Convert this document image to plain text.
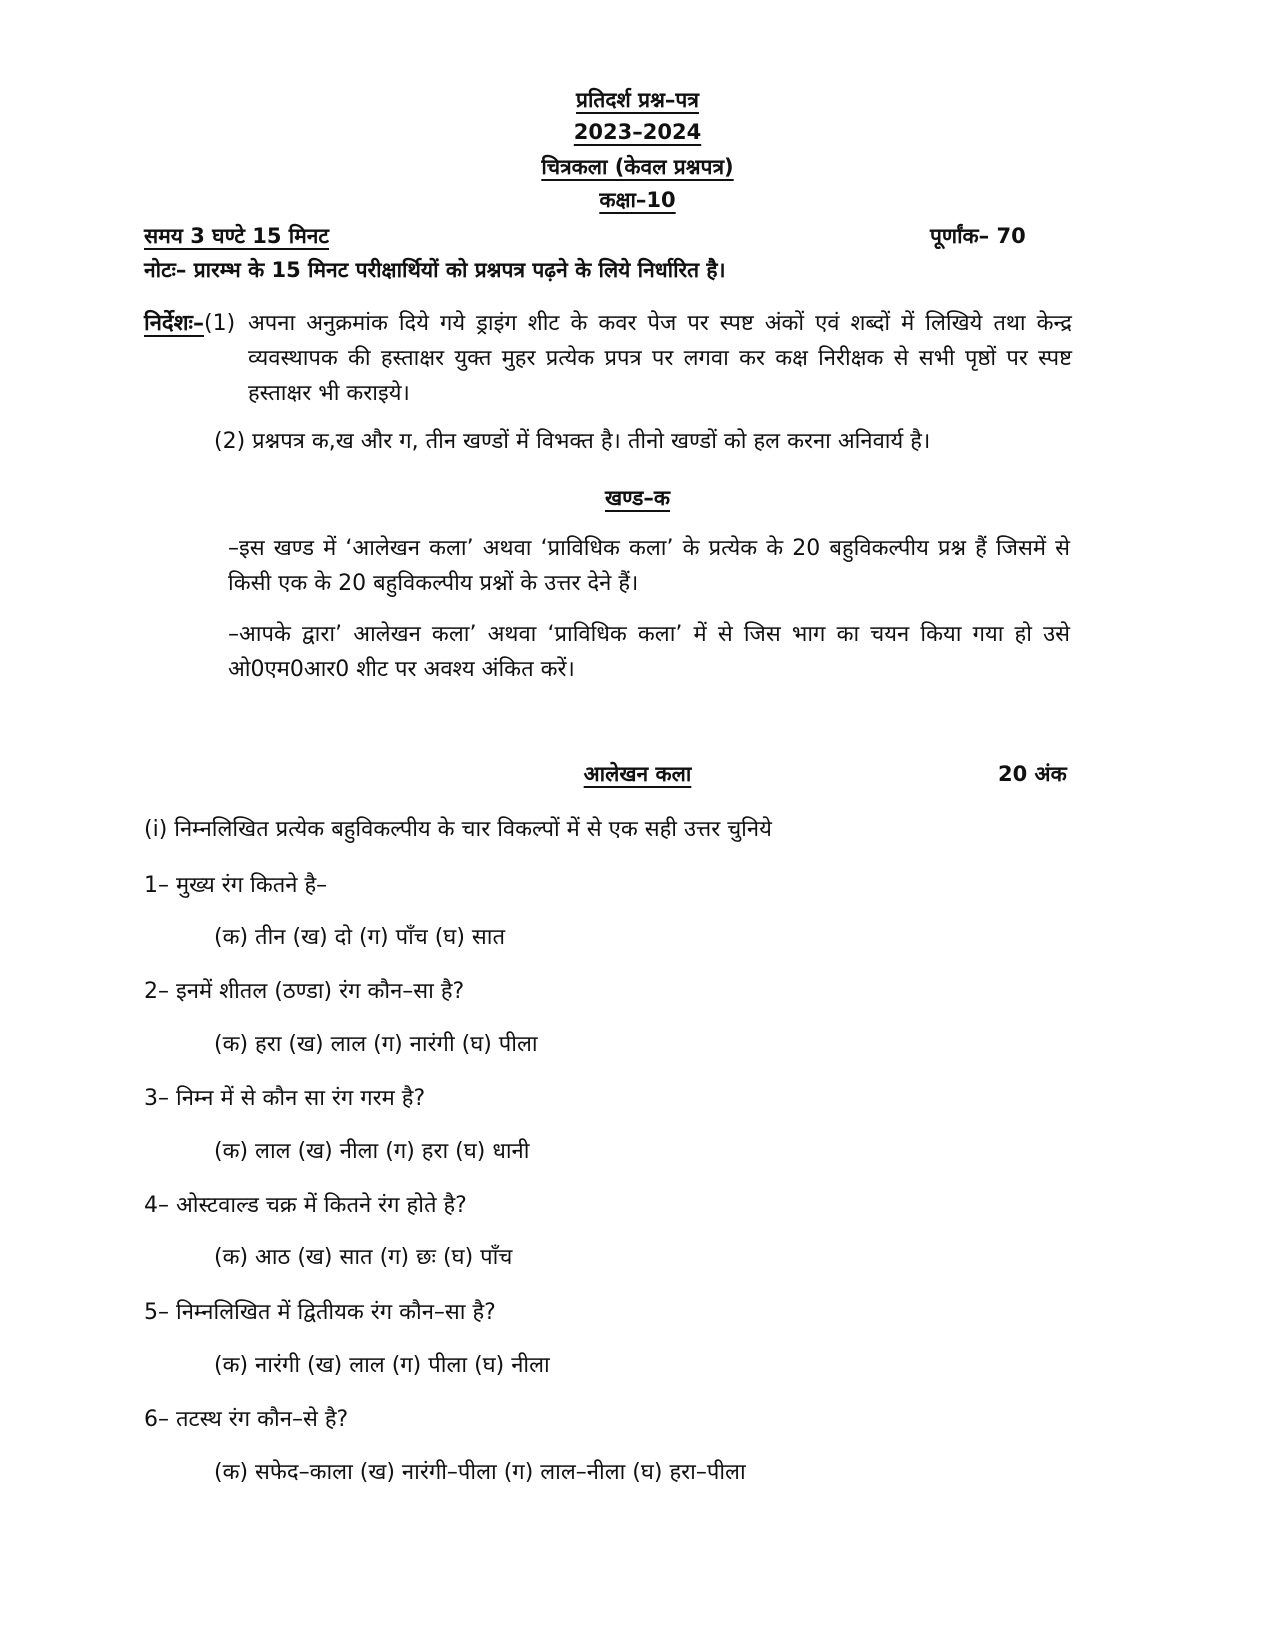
प्रतिदर्श प्रश्न–पत्र
2023–2024
चित्रकला (केवल प्रश्नपत्र)
कक्षा–10
समय 3 घण्टे 15 मिनट	पूर्णांक– 70
नोटः– प्रारम्भ के 15 मिनट परीक्षार्थियों को प्रश्नपत्र पढ़ने के लिये निर्धारित है।
निर्देशः–(1) अपना अनुक्रमांक दिये गये ड्राइंग शीट के कवर पेज पर स्पष्ट अंकों एवं शब्दों में लिखिये तथा केन्द्र व्यवस्थापक की हस्ताक्षर युक्त मुहर प्रत्येक प्रपत्र पर लगवा कर कक्ष निरीक्षक से सभी पृष्ठों पर स्पष्ट हस्ताक्षर भी कराइये।
(2) प्रश्नपत्र क,ख और ग, तीन खण्डों में विभक्त है। तीनो खण्डों को हल करना अनिवार्य है।
खण्ड–क
–इस खण्ड में ‘आलेखन कला’ अथवा ‘प्राविधिक कला’ के प्रत्येक के 20 बहुविकल्पीय प्रश्न हैं जिसमें से किसी एक के 20 बहुविकल्पीय प्रश्नों के उत्तर देने हैं।
–आपके द्वारा’ आलेखन कला’ अथवा ‘प्राविधिक कला’ में से जिस भाग का चयन किया गया हो उसे ओ0एम0आर0 शीट पर अवश्य अंकित करें।
आलेखन कला	20 अंक
(i) निम्नलिखित प्रत्येक बहुविकल्पीय के चार विकल्पों में से एक सही उत्तर चुनिये
1– मुख्य रंग कितने है–
(क) तीन (ख) दो (ग) पाँच (घ) सात
2– इनमें शीतल (ठण्डा) रंग कौन–सा है?
(क) हरा (ख) लाल (ग) नारंगी (घ) पीला
3– निम्न में से कौन सा रंग गरम है?
(क) लाल (ख) नीला (ग) हरा (घ) धानी
4– ओस्टवाल्ड चक्र में कितने रंग होते है?
(क) आठ (ख) सात (ग) छः (घ) पाँच
5– निम्नलिखित में द्वितीयक रंग कौन–सा है?
(क) नारंगी (ख) लाल (ग) पीला (घ) नीला
6– तटस्थ रंग कौन–से है?
(क) सफेद–काला (ख) नारंगी–पीला (ग) लाल–नीला (घ) हरा–पीला
